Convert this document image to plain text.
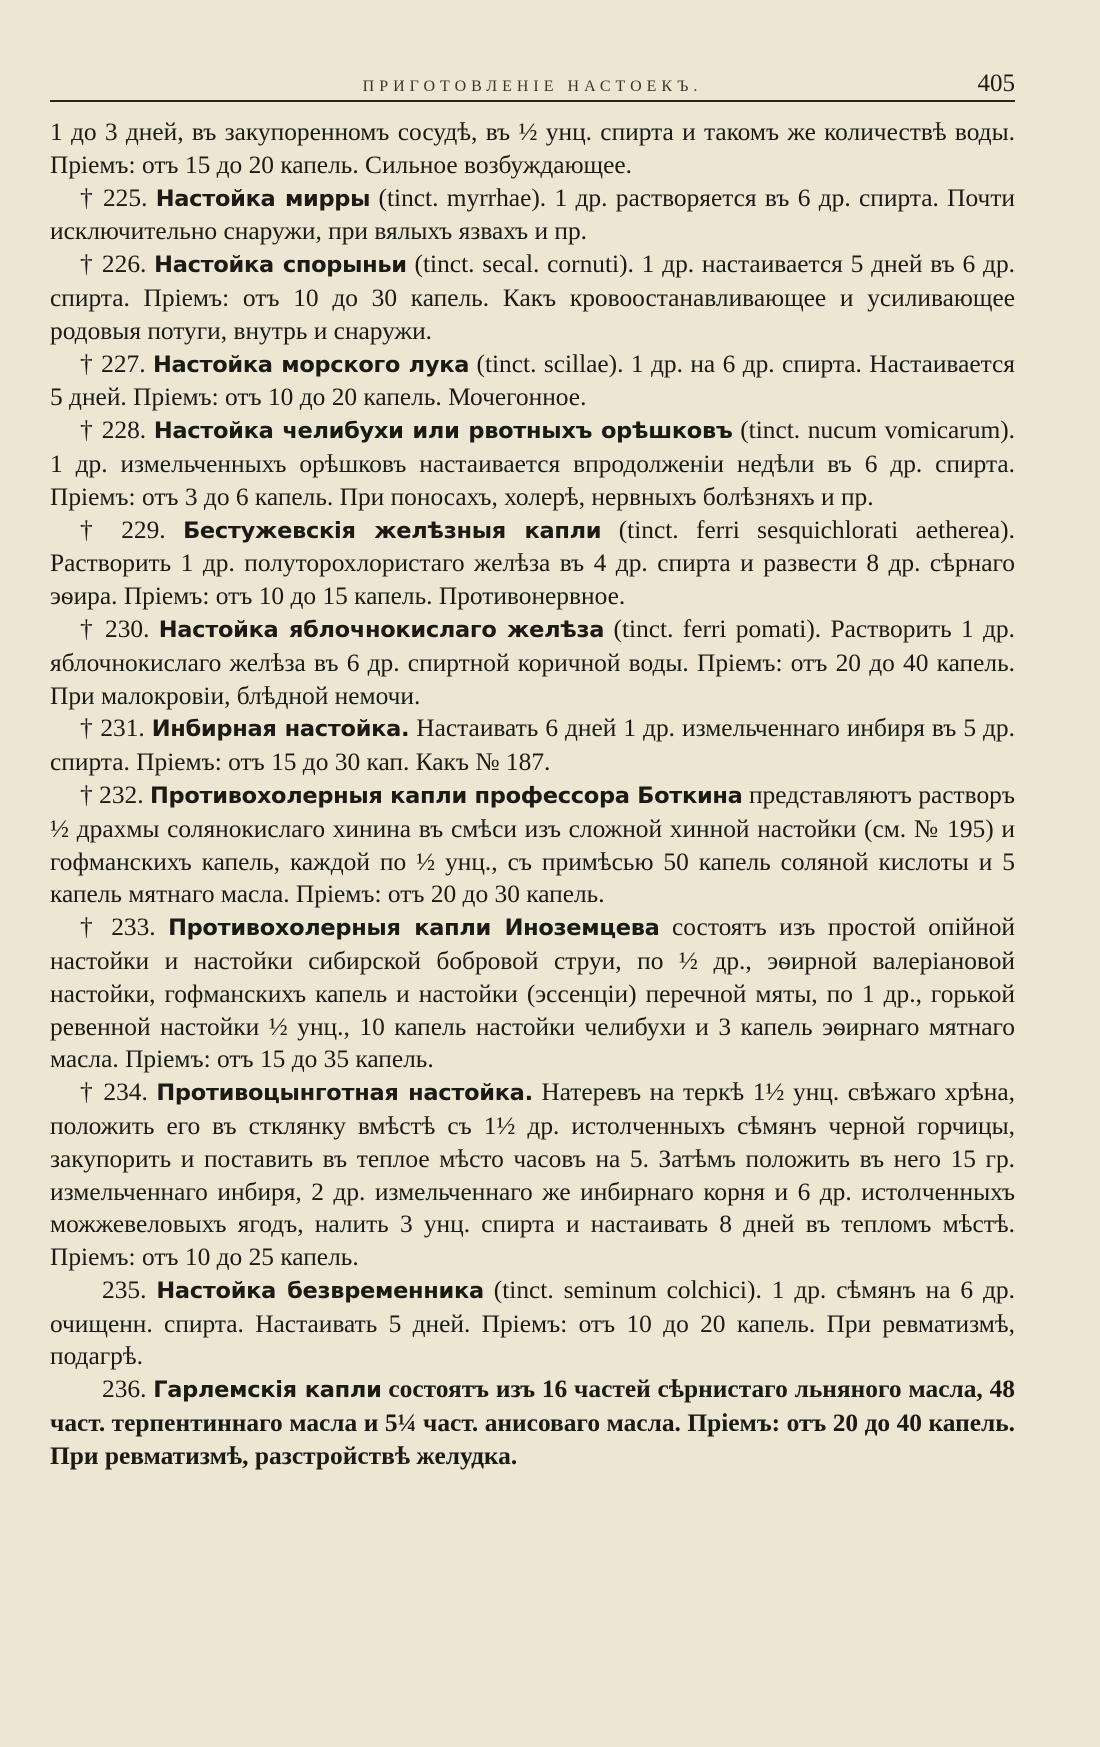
ПРИГОТОВЛЕНІЕ НАСТОЕКЪ.	405

1 до 3 дней, въ закупоренномъ сосудѣ, въ ½ унц. спирта и такомъ же количествѣ воды. Пріемъ: отъ 15 до 20 капель. Сильное возбуждающее.

† 225. Настойка мирры (tinct. myrrhae). 1 др. растворяется въ 6 др. спирта. Почти исключительно снаружи, при вялыхъ язвахъ и пр.

† 226. Настойка спорыньи (tinct. secal. cornuti). 1 др. настаивается 5 дней въ 6 др. спирта. Пріемъ: отъ 10 до 30 капель. Какъ кровоостанавливающее и усиливающее родовыя потуги, внутрь и снаружи.

† 227. Настойка морского лука (tinct. scillae). 1 др. на 6 др. спирта. Настаивается 5 дней. Пріемъ: отъ 10 до 20 капель. Мочегонное.

† 228. Настойка челибухи или рвотныхъ орѣшковъ (tinct. nucum vomicarum). 1 др. измельченныхъ орѣшковъ настаивается впродолженіи недѣли въ 6 др. спирта. Пріемъ: отъ 3 до 6 капель. При поносахъ, холерѣ, нервныхъ болѣзняхъ и пр.

† 229. Бестужевскія желѣзныя капли (tinct. ferri sesquichlorati aetherea). Растворить 1 др. полуторохлористаго желѣза въ 4 др. спирта и развести 8 др. сѣрнаго эѳира. Пріемъ: отъ 10 до 15 капель. Противонервное.

† 230. Настойка яблочнокислаго желѣза (tinct. ferri pomati). Растворить 1 др. яблочнокислаго желѣза въ 6 др. спиртной коричной воды. Пріемъ: отъ 20 до 40 капель. При малокровіи, блѣдной немочи.

† 231. Инбирная настойка. Настаивать 6 дней 1 др. измельченнаго инбиря въ 5 др. спирта. Пріемъ: отъ 15 до 30 кап. Какъ № 187.

† 232. Противохолерныя капли профессора Боткина представляютъ растворъ ½ драхмы солянокислаго хинина въ смѣси изъ сложной хинной настойки (см. № 195) и гофманскихъ капель, каждой по ½ унц., съ примѣсью 50 капель соляной кислоты и 5 капель мятнаго масла. Пріемъ: отъ 20 до 30 капель.

† 233. Противохолерныя капли Иноземцева состоятъ изъ простой опійной настойки и настойки сибирской бобровой струи, по ½ др., эѳирной валеріановой настойки, гофманскихъ капель и настойки (эссенціи) перечной мяты, по 1 др., горькой ревенной настойки ½ унц., 10 капель настойки челибухи и 3 капель эѳирнаго мятнаго масла. Пріемъ: отъ 15 до 35 капель.

† 234. Противоцынготная настойка. Натеревъ на теркѣ 1½ унц. свѣжаго хрѣна, положить его въ стклянку вмѣстѣ съ 1½ др. истолченныхъ сѣмянъ черной горчицы, закупорить и поставить въ теплое мѣсто часовъ на 5. Затѣмъ положить въ него 15 гр. измельченнаго инбиря, 2 др. измельченнаго же инбирнаго корня и 6 др. истолченныхъ можжевеловыхъ ягодъ, налить 3 унц. спирта и настаивать 8 дней въ тепломъ мѣстѣ. Пріемъ: отъ 10 до 25 капель.

235. Настойка безвременника (tinct. seminum colchici). 1 др. сѣмянъ на 6 др. очищенн. спирта. Настаивать 5 дней. Пріемъ: отъ 10 до 20 капель. При ревматизмѣ, подагрѣ.

236. Гарлемскія капли состоятъ изъ 16 частей сѣрнистаго льняного масла, 48 част. терпентиннаго масла и 5¼ част. анисоваго масла. Пріемъ: отъ 20 до 40 капель. При ревматизмѣ, разстройствѣ желудка.
